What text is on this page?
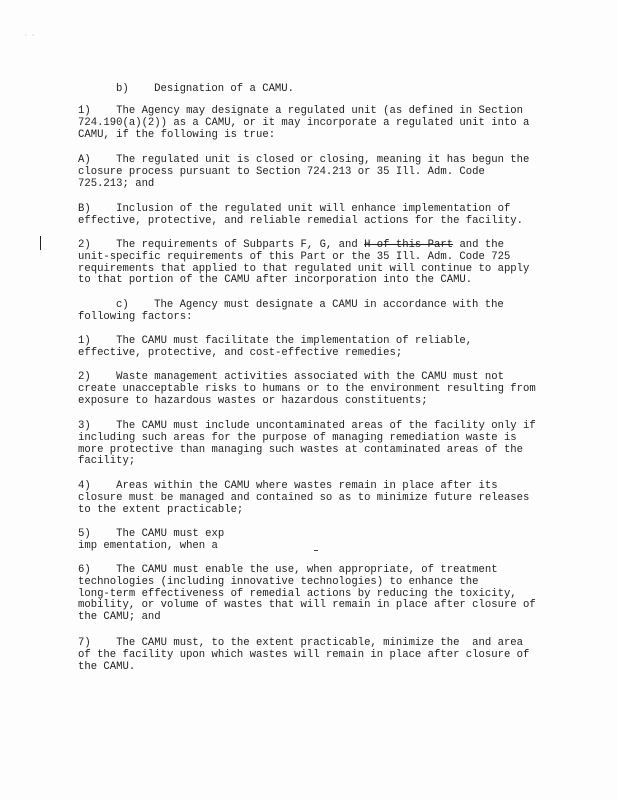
· ·
b)    Designation of a CAMU.
1)    The Agency may designate a regulated unit (as defined in Section
724.190(a)(2)) as a CAMU, or it may incorporate a regulated unit into a
CAMU, if the following is true:
A)    The regulated unit is closed or closing, meaning it has begun the
closure process pursuant to Section 724.213 or 35 Ill. Adm. Code
725.213; and
B)    Inclusion of the regulated unit will enhance implementation of
effective, protective, and reliable remedial actions for the facility.
2)    The requirements of Subparts F, G, and H of this Part and the
unit-specific requirements of this Part or the 35 Ill. Adm. Code 725
requirements that applied to that regulated unit will continue to apply
to that portion of the CAMU after incorporation into the CAMU.
c)    The Agency must designate a CAMU in accordance with the
following factors:
1)    The CAMU must facilitate the implementation of reliable,
effective, protective, and cost-effective remedies;
2)    Waste management activities associated with the CAMU must not
create unacceptable risks to humans or to the environment resulting from
exposure to hazardous wastes or hazardous constituents;
3)    The CAMU must include uncontaminated areas of the facility only if
including such areas for the purpose of managing remediation waste is
more protective than managing such wastes at contaminated areas of the
facility;
4)    Areas within the CAMU where wastes remain in place after its
closure must be managed and contained so as to minimize future releases
to the extent practicable;
5)    The CAMU must exp
imp ementation, when a
6)    The CAMU must enable the use, when appropriate, of treatment
technologies (including innovative technologies) to enhance the
long-term effectiveness of remedial actions by reducing the toxicity,
mobility, or volume of wastes that will remain in place after closure of
the CAMU; and
7)    The CAMU must, to the extent practicable, minimize the  and area
of the facility upon which wastes will remain in place after closure of
the CAMU.
